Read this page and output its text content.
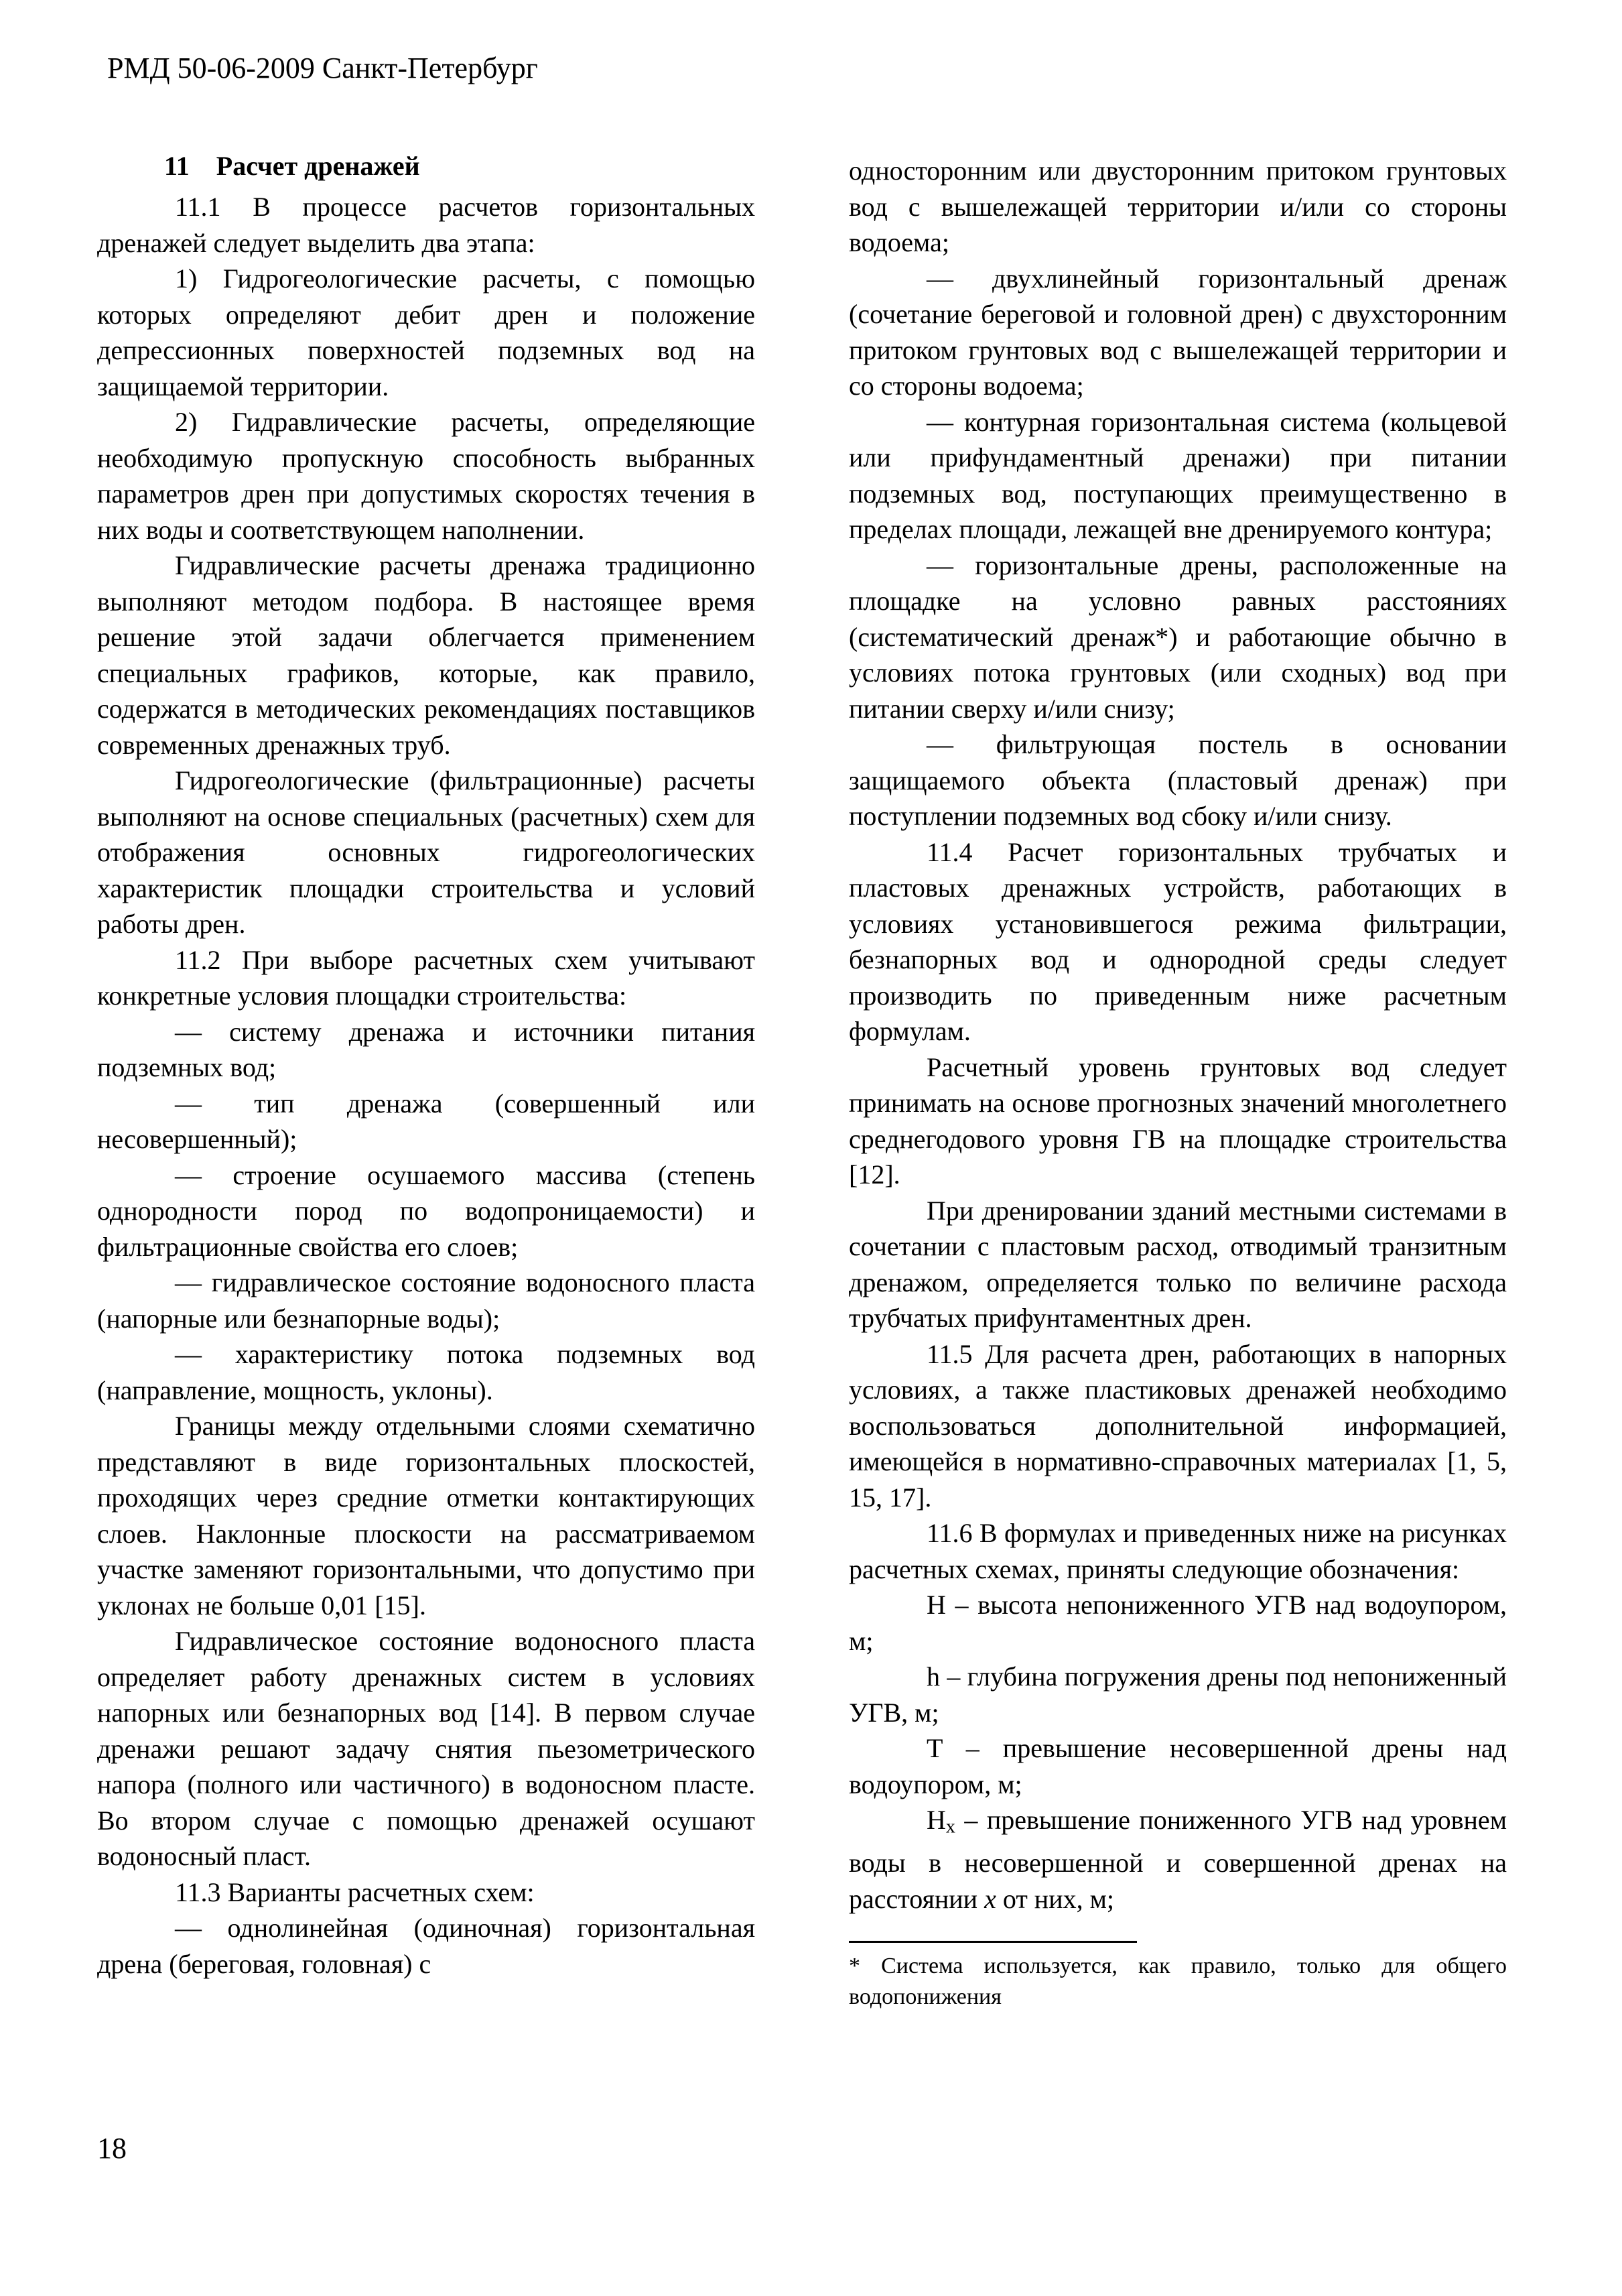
РМД 50-06-2009 Санкт-Петербург

11 Расчет дренажей

11.1 В процессе расчетов горизонтальных дренажей следует выделить два этапа:

1) Гидрогеологические расчеты, с помощью которых определяют дебит дрен и положение депрессионных поверхностей подземных вод на защищаемой территории.

2) Гидравлические расчеты, определяющие необходимую пропускную способность выбранных параметров дрен при допустимых скоростях течения в них воды и соответствующем наполнении.

Гидравлические расчеты дренажа традиционно выполняют методом подбора. В настоящее время решение этой задачи облегчается применением специальных графиков, которые, как правило, содержатся в методических рекомендациях поставщиков современных дренажных труб.

Гидрогеологические (фильтрационные) расчеты выполняют на основе специальных (расчетных) схем для отображения основных гидрогеологических характеристик площадки строительства и условий работы дрен.

11.2 При выборе расчетных схем учитывают конкретные условия площадки строительства:

— систему дренажа и источники питания подземных вод;

— тип дренажа (совершенный или несовершенный);

— строение осушаемого массива (степень однородности пород по водопроницаемости) и фильтрационные свойства его слоев;

— гидравлическое состояние водоносного пласта (напорные или безнапорные воды);

— характеристику потока подземных вод (направление, мощность, уклоны).

Границы между отдельными слоями схематично представляют в виде горизонтальных плоскостей, проходящих через средние отметки контактирующих слоев. Наклонные плоскости на рассматриваемом участке заменяют горизонтальными, что допустимо при уклонах не больше 0,01 [15].

Гидравлическое состояние водоносного пласта определяет работу дренажных систем в условиях напорных или безнапорных вод [14]. В первом случае дренажи решают задачу снятия пьезометрического напора (полного или частичного) в водоносном пласте. Во втором случае с помощью дренажей осушают водоносный пласт.

11.3 Варианты расчетных схем:

— однолинейная (одиночная) горизонтальная дрена (береговая, головная) с

односторонним или двусторонним притоком грунтовых вод с вышележащей территории и/или со стороны водоема;

— двухлинейный горизонтальный дренаж (сочетание береговой и головной дрен) с двухсторонним притоком грунтовых вод с вышележащей территории и со стороны водоема;

— контурная горизонтальная система (кольцевой или прифундаментный дренажи) при питании подземных вод, поступающих преимущественно в пределах площади, лежащей вне дренируемого контура;

— горизонтальные дрены, расположенные на площадке на условно равных расстояниях (систематический дренаж*) и работающие обычно в условиях потока грунтовых (или сходных) вод при питании сверху и/или снизу;

— фильтрующая постель в основании защищаемого объекта (пластовый дренаж) при поступлении подземных вод сбоку и/или снизу.

11.4 Расчет горизонтальных трубчатых и пластовых дренажных устройств, работающих в условиях установившегося режима фильтрации, безнапорных вод и однородной среды следует производить по приведенным ниже расчетным формулам.

Расчетный уровень грунтовых вод следует принимать на основе прогнозных значений многолетнего среднегодового уровня ГВ на площадке строительства [12].

При дренировании зданий местными системами в сочетании с пластовым расход, отводимый транзитным дренажом, определяется только по величине расхода трубчатых прифунтаментных дрен.

11.5 Для расчета дрен, работающих в напорных условиях, а также пластиковых дренажей необходимо воспользоваться дополнительной информацией, имеющейся в нормативно-справочных материалах [1, 5, 15, 17].

11.6 В формулах и приведенных ниже на рисунках расчетных схемах, приняты следующие обозначения:

H – высота непониженного УГВ над водоупором, м;

h – глубина погружения дрены под непониженный УГВ, м;

T – превышение несовершенной дрены над водоупором, м;

$H_x$ – превышение пониженного УГВ над уровнем воды в несовершенной и совершенной дренах на расстоянии x от них, м;

* Система используется, как правило, только для общего водопонижения

18
